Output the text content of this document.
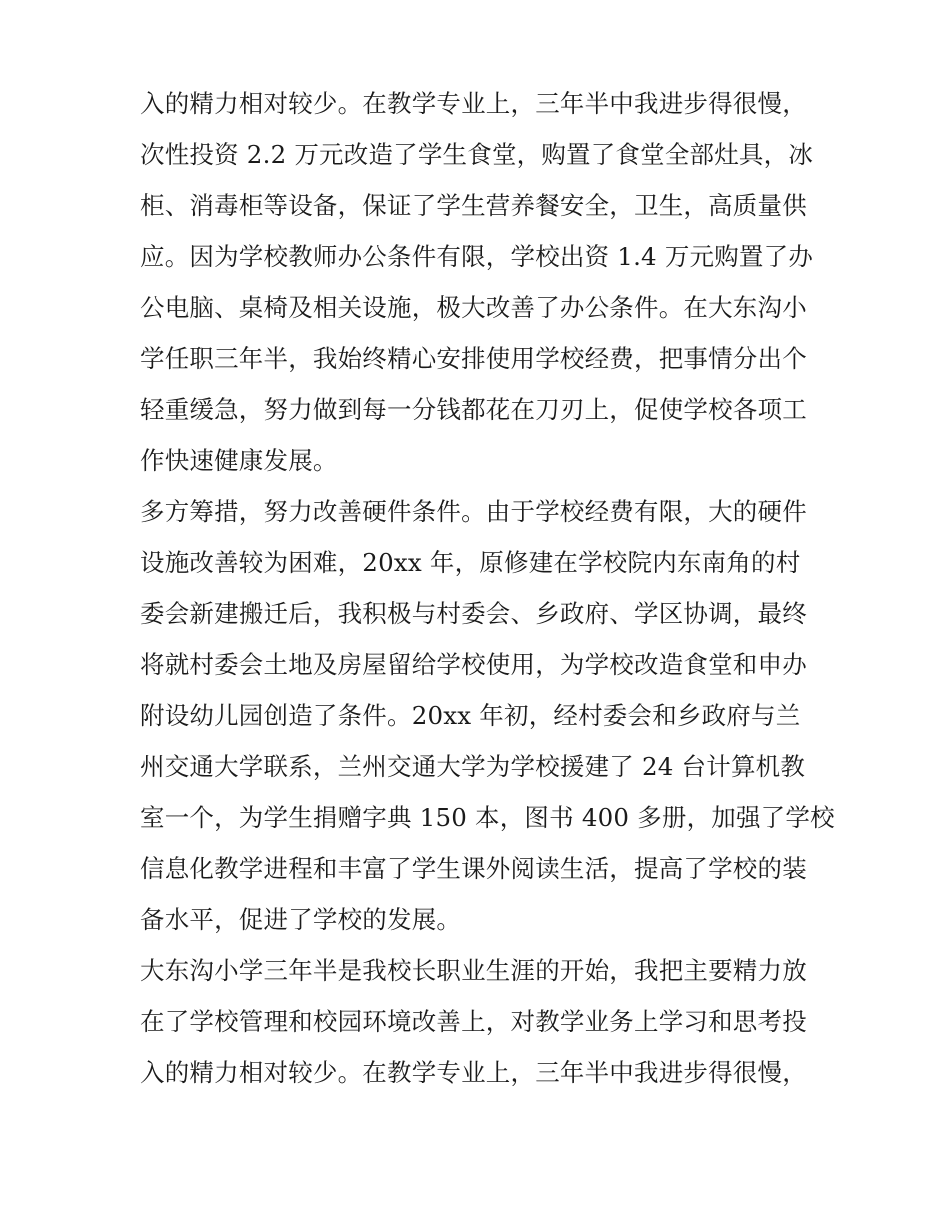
入的精力相对较少。在教学专业上，三年半中我进步得很慢，
次性投资 2.2 万元改造了学生食堂，购置了食堂全部灶具，冰
柜、消毒柜等设备，保证了学生营养餐安全，卫生，高质量供
应。因为学校教师办公条件有限，学校出资 1.4 万元购置了办
公电脑、桌椅及相关设施，极大改善了办公条件。在大东沟小
学任职三年半，我始终精心安排使用学校经费，把事情分出个
轻重缓急，努力做到每一分钱都花在刀刃上，促使学校各项工
作快速健康发展。
多方筹措，努力改善硬件条件。由于学校经费有限，大的硬件
设施改善较为困难，20xx 年，原修建在学校院内东南角的村
委会新建搬迁后，我积极与村委会、乡政府、学区协调，最终
将就村委会土地及房屋留给学校使用，为学校改造食堂和申办
附设幼儿园创造了条件。20xx 年初，经村委会和乡政府与兰
州交通大学联系，兰州交通大学为学校援建了 24 台计算机教
室一个，为学生捐赠字典 150 本，图书 400 多册，加强了学校
信息化教学进程和丰富了学生课外阅读生活，提高了学校的装
备水平，促进了学校的发展。
大东沟小学三年半是我校长职业生涯的开始，我把主要精力放
在了学校管理和校园环境改善上，对教学业务上学习和思考投
入的精力相对较少。在教学专业上，三年半中我进步得很慢，
